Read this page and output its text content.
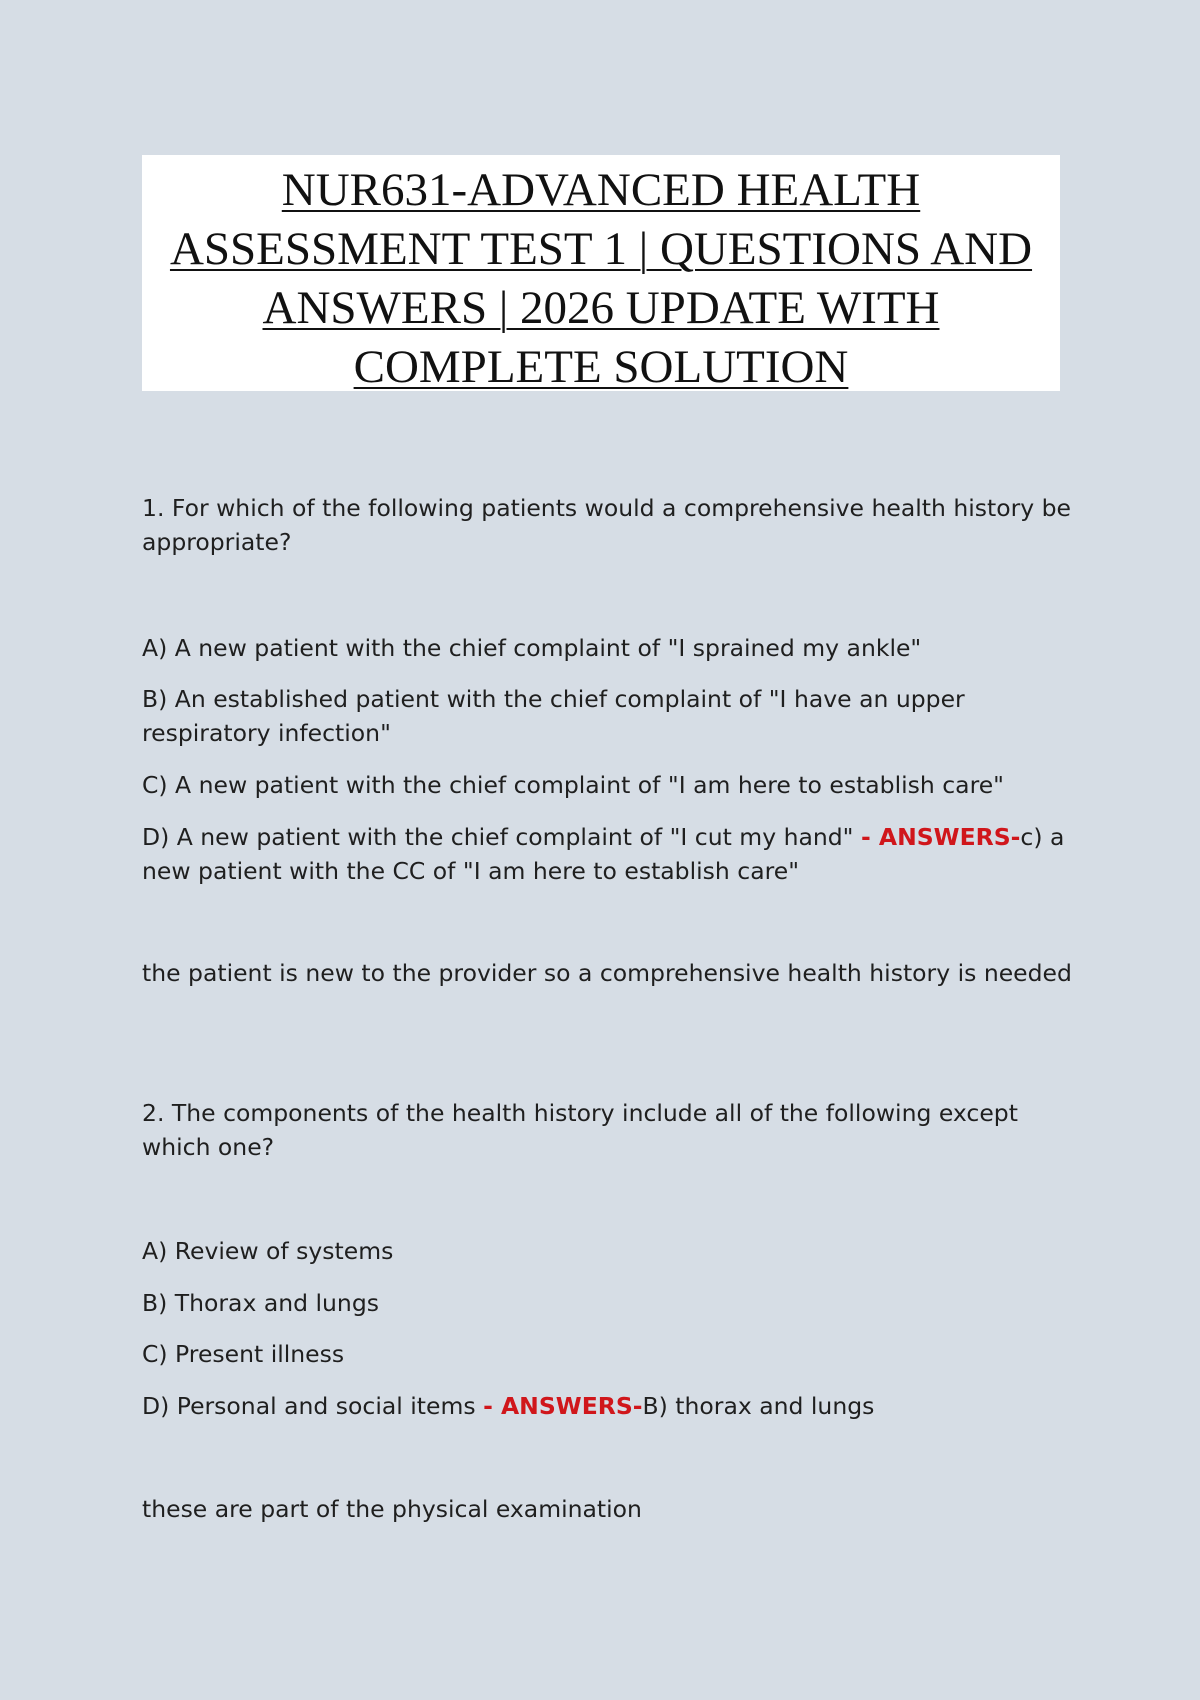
NUR631-ADVANCED HEALTH
ASSESSMENT TEST 1 | QUESTIONS AND
ANSWERS | 2026 UPDATE WITH
COMPLETE SOLUTION

1. For which of the following patients would a comprehensive health history be appropriate?

A) A new patient with the chief complaint of "I sprained my ankle"

B) An established patient with the chief complaint of "I have an upper respiratory infection"

C) A new patient with the chief complaint of "I am here to establish care"

D) A new patient with the chief complaint of "I cut my hand" - ANSWERS-c) a new patient with the CC of "I am here to establish care"

the patient is new to the provider so a comprehensive health history is needed

2. The components of the health history include all of the following except which one?

A) Review of systems

B) Thorax and lungs

C) Present illness

D) Personal and social items - ANSWERS-B) thorax and lungs

these are part of the physical examination
